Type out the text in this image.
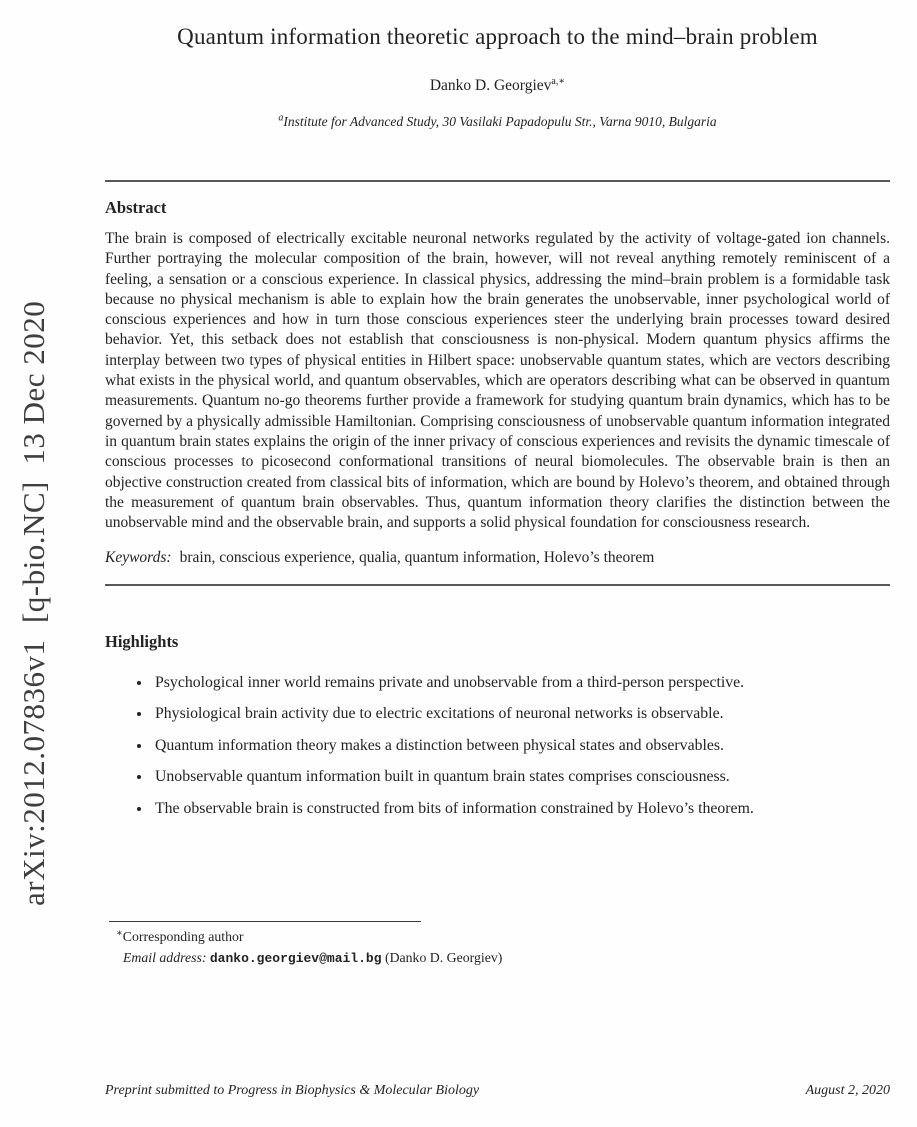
arXiv:2012.07836v1  [q-bio.NC]  13 Dec 2020
Quantum information theoretic approach to the mind–brain problem
Danko D. Georgiev$^{a,∗}$
$^a$Institute for Advanced Study, 30 Vasilaki Papadopulu Str., Varna 9010, Bulgaria
Abstract

The brain is composed of electrically excitable neuronal networks regulated by the activity of voltage-gated ion channels. Further portraying the molecular composition of the brain, however, will not reveal anything remotely reminiscent of a feeling, a sensation or a conscious experience. In classical physics, addressing the mind–brain problem is a formidable task because no physical mechanism is able to explain how the brain generates the unobservable, inner psychological world of conscious experiences and how in turn those conscious experiences steer the underlying brain processes toward desired behavior. Yet, this setback does not establish that consciousness is non-physical. Modern quantum physics affirms the interplay between two types of physical entities in Hilbert space: unobservable quantum states, which are vectors describing what exists in the physical world, and quantum observables, which are operators describing what can be observed in quantum measurements. Quantum no-go theorems further provide a framework for studying quantum brain dynamics, which has to be governed by a physically admissible Hamiltonian. Comprising consciousness of unobservable quantum information integrated in quantum brain states explains the origin of the inner privacy of conscious experiences and revisits the dynamic timescale of conscious processes to picosecond conformational transitions of neural biomolecules. The observable brain is then an objective construction created from classical bits of information, which are bound by Holevo’s theorem, and obtained through the measurement of quantum brain observables. Thus, quantum information theory clarifies the distinction between the unobservable mind and the observable brain, and supports a solid physical foundation for consciousness research.

Keywords: brain, conscious experience, qualia, quantum information, Holevo’s theorem
Highlights
• Psychological inner world remains private and unobservable from a third-person perspective.
• Physiological brain activity due to electric excitations of neuronal networks is observable.
• Quantum information theory makes a distinction between physical states and observables.
• Unobservable quantum information built in quantum brain states comprises consciousness.
• The observable brain is constructed from bits of information constrained by Holevo’s theorem.
∗Corresponding author
Email address: danko.georgiev@mail.bg (Danko D. Georgiev)
Preprint submitted to Progress in Biophysics & Molecular Biology	August 2, 2020
